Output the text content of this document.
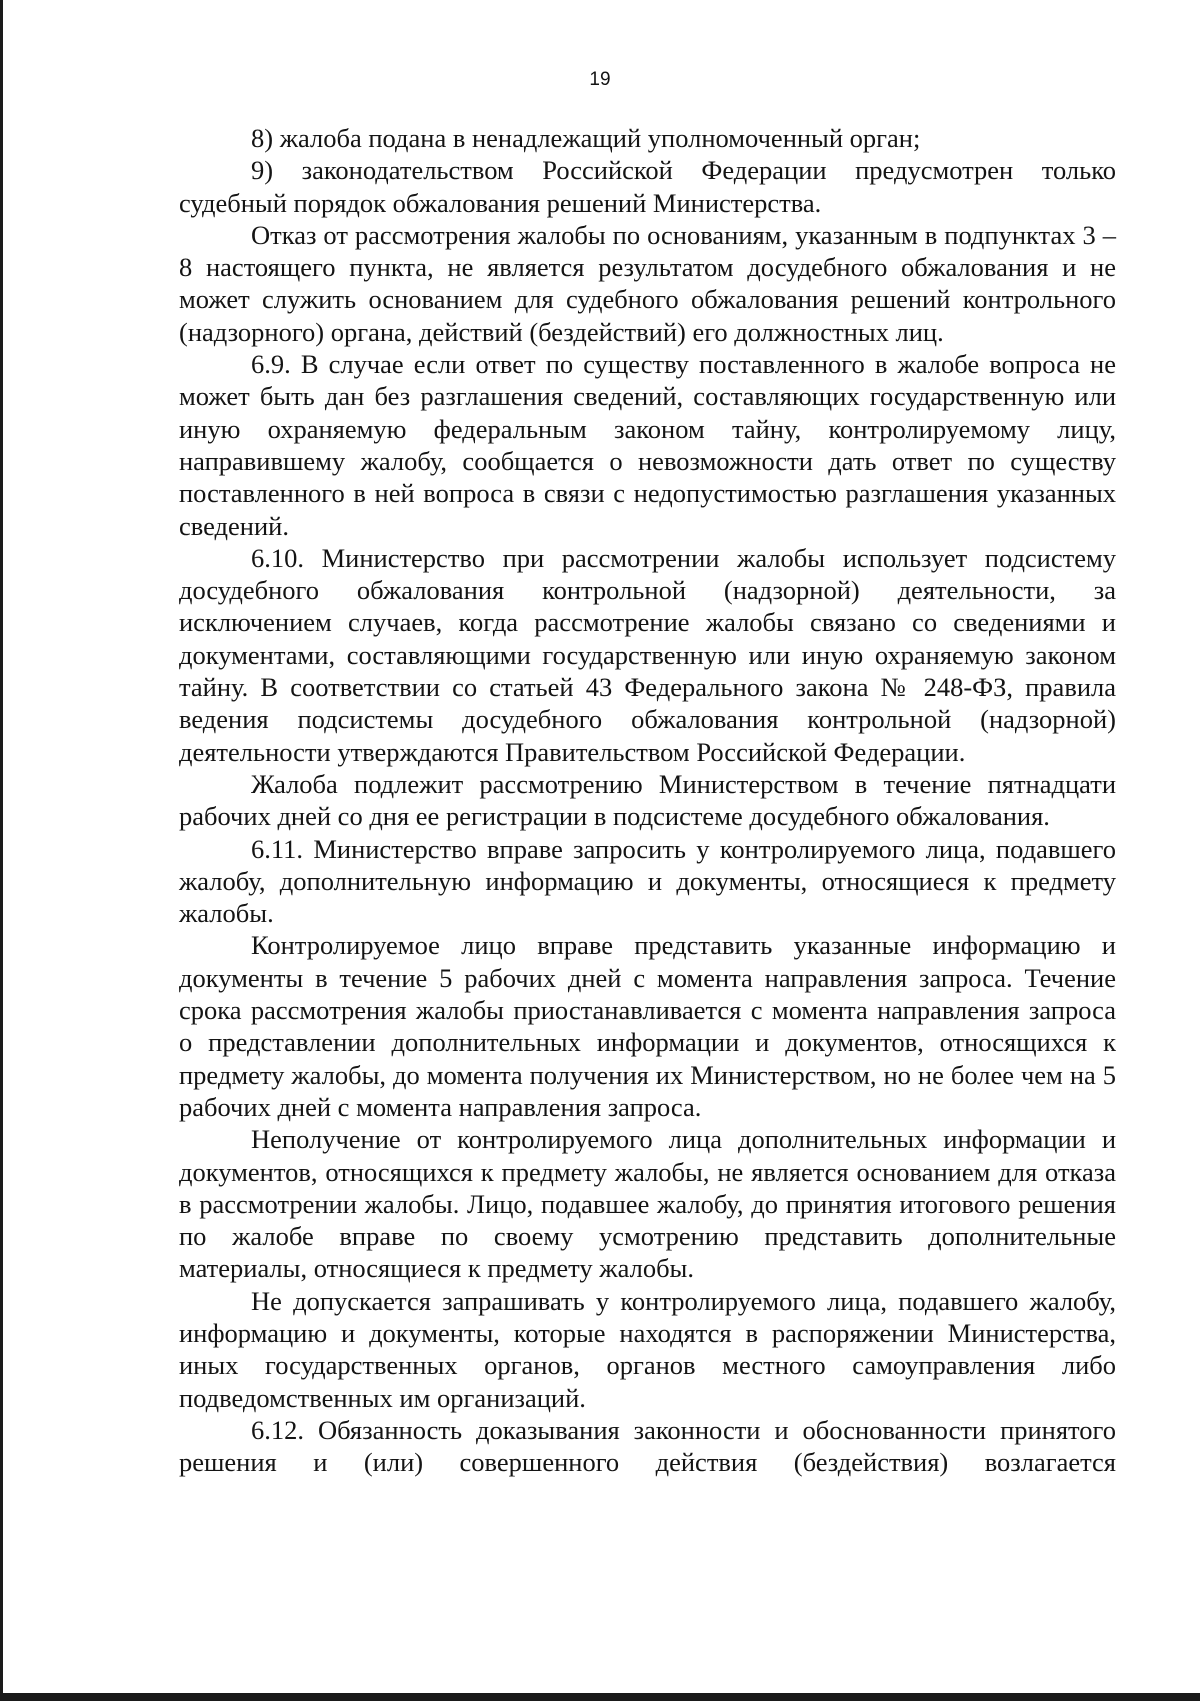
19

8) жалоба подана в ненадлежащий уполномоченный орган;

9) законодательством Российской Федерации предусмотрен только судебный порядок обжалования решений Министерства.

Отказ от рассмотрения жалобы по основаниям, указанным в подпунктах 3 – 8 настоящего пункта, не является результатом досудебного обжалования и не может служить основанием для судебного обжалования решений контрольного (надзорного) органа, действий (бездействий) его должностных лиц.

6.9. В случае если ответ по существу поставленного в жалобе вопроса не может быть дан без разглашения сведений, составляющих государственную или иную охраняемую федеральным законом тайну, контролируемому лицу, направившему жалобу, сообщается о невозможности дать ответ по существу поставленного в ней вопроса в связи с недопустимостью разглашения указанных сведений.

6.10. Министерство при рассмотрении жалобы использует подсистему досудебного обжалования контрольной (надзорной) деятельности, за исключением случаев, когда рассмотрение жалобы связано со сведениями и документами, составляющими государственную или иную охраняемую законом тайну. В соответствии со статьей 43 Федерального закона № 248-ФЗ, правила ведения подсистемы досудебного обжалования контрольной (надзорной) деятельности утверждаются Правительством Российской Федерации.

Жалоба подлежит рассмотрению Министерством в течение пятнадцати рабочих дней со дня ее регистрации в подсистеме досудебного обжалования.

6.11. Министерство вправе запросить у контролируемого лица, подавшего жалобу, дополнительную информацию и документы, относящиеся к предмету жалобы.

Контролируемое лицо вправе представить указанные информацию и документы в течение 5 рабочих дней с момента направления запроса. Течение срока рассмотрения жалобы приостанавливается с момента направления запроса о представлении дополнительных информации и документов, относящихся к предмету жалобы, до момента получения их Министерством, но не более чем на 5 рабочих дней с момента направления запроса.

Неполучение от контролируемого лица дополнительных информации и документов, относящихся к предмету жалобы, не является основанием для отказа в рассмотрении жалобы. Лицо, подавшее жалобу, до принятия итогового решения по жалобе вправе по своему усмотрению представить дополнительные материалы, относящиеся к предмету жалобы.

Не допускается запрашивать у контролируемого лица, подавшего жалобу, информацию и документы, которые находятся в распоряжении Министерства, иных государственных органов, органов местного самоуправления либо подведомственных им организаций.

6.12. Обязанность доказывания законности и обоснованности принятого решения и (или) совершенного действия (бездействия) возлагается
